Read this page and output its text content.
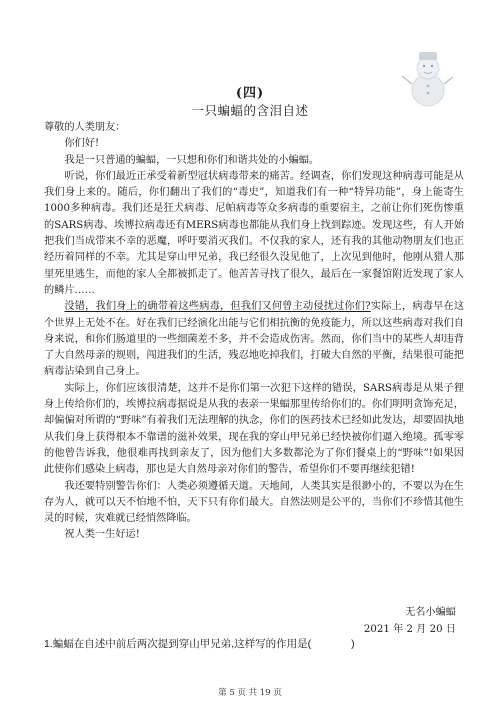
(四)
一只蝙蝠的含泪自述

尊敬的人类朋友：

你们好!

我是一只普通的蝙蝠，一只想和你们和谐共处的小蝙蝠。

听说，你们最近正承受着新型冠状病毒带来的痛苦。经调查，你们发现这种病毒可能是从我们身上来的。随后，你们翻出了我们的“毒史”，知道我们有一种“特异功能”，身上能寄生1000多种病毒。我们还是狂犬病毒、尼帕病毒等众多病毒的重要宿主，之前让你们死伤惨重的SARS病毒、埃博拉病毒还有MERS病毒也都能从我们身上找到踪迹。发现这些，有人开始把我们当成带来不幸的恶魔，呼吁要消灭我们。不仅我的家人，还有我的其他动物朋友们也正经历着同样的不幸。尤其是穿山甲兄弟，我已经很久没见他了，上次见到他时，他刚从猎人那里死里逃生，而他的家人全都被抓走了。他苦苦寻找了很久，最后在一家餐馆附近发现了家人的鳞片……

没错，我们身上的确带着这些病毒，但我们又何曾主动侵扰过你们?实际上，病毒早在这个世界上无处不在。好在我们已经演化出能与它们相抗衡的免疫能力，所以这些病毒对我们自身来说，和你们肠道里的一些细菌差不多，并不会造成伤害。然而，你们当中的某些人却违背了大自然母亲的规则，闯进我们的生活，残忍地吃掉我们，打破大自然的平衡，结果很可能把病毒沾染到自己身上。

实际上，你们应该很清楚，这并不是你们第一次犯下这样的错误，SARS病毒是从果子狸身上传给你们的，埃博拉病毒据说是从我的表亲一果蝠那里传给你们的。你们明明贪饰充足，却偏偏对所谓的“野味”有着我们无法理解的执念，你们的医药技术已经如此发达，却要固执地从我们身上获得根本不靠谱的滋补效果，现在我的穿山甲兄弟已经快被你们逼入绝境。孤零零的他曾告诉我，他很难再找到亲友了，因为他们大多数都沦为了你们餐桌上的“野味”!如果因此使你们感染上病毒，那也是大自然母亲对你们的警告，希望你们不要再继续犯错!

我还要特别警告你们：人类必须遵循天道。天地间，人类其实是很渺小的，不要以为在生存为人，就可以天不怕地不怕，天下只有你们最大。自然法则是公平的，当你们不珍惜其他生灵的时候，灾难就已经悄然降临。

祝人类一生好运!

无名小蝙蝠
2021 年 2 月 20 日
1.蝙蝠在自述中前后两次提到穿山甲兄弟,这样写的作用是(	)
第 5 页 共 19 页
